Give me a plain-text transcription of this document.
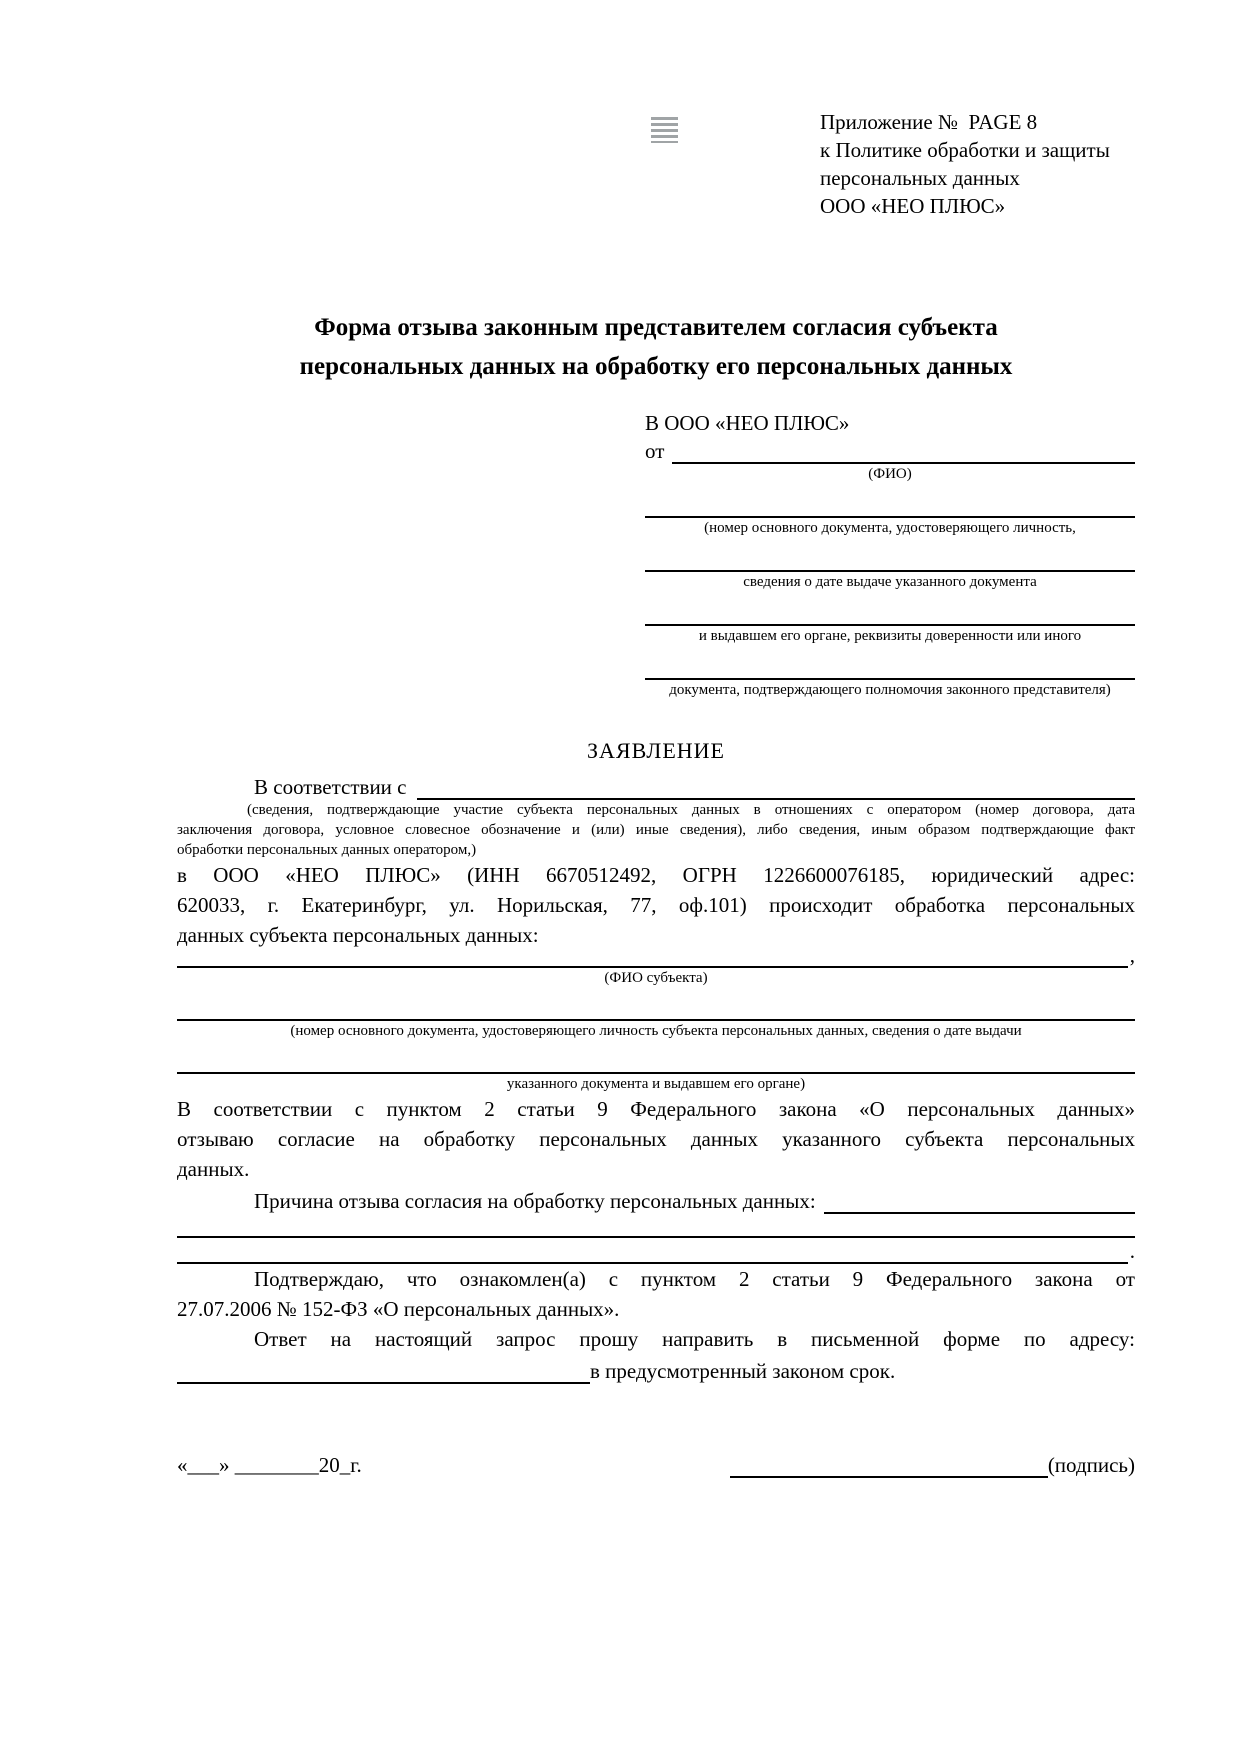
Приложение №  PAGE 8
к Политике обработки и защиты
персональных данных
ООО «НЕО ПЛЮС»
Форма отзыва законным представителем согласия субъекта
персональных данных на обработку его персональных данных
В ООО «НЕО ПЛЮС»
от
(ФИО)
(номер основного документа, удостоверяющего личность,
сведения о дате выдаче указанного документа
и выдавшем его органе, реквизиты доверенности или иного
документа, подтверждающего полномочия законного представителя)
ЗАЯВЛЕНИЕ
В соответствии с
(сведения, подтверждающие участие субъекта персональных данных в отношениях с оператором (номер договора, дата
заключения договора, условное словесное обозначение и (или) иные сведения), либо сведения, иным образом подтверждающие факт
обработки персональных данных оператором,)
в ООО «НЕО ПЛЮС» (ИНН 6670512492, ОГРН 1226600076185, юридический адрес:
620033, г. Екатеринбург, ул. Норильская, 77, оф.101) происходит обработка персональных
данных субъекта персональных данных:
,
(ФИО субъекта)
(номер основного документа, удостоверяющего личность субъекта персональных данных, сведения о дате выдачи
указанного документа и выдавшем его органе)
В соответствии с пунктом 2 статьи 9 Федерального закона «О персональных данных»
отзываю согласие на обработку персональных данных указанного субъекта персональных
данных.
Причина отзыва согласия на обработку персональных данных:
.
Подтверждаю, что ознакомлен(а) с пунктом 2 статьи 9 Федерального закона от
27.07.2006 № 152-ФЗ «О персональных данных».
Ответ на настоящий запрос прошу направить в письменной форме по адресу:
в предусмотренный законом срок.
«___» ________20_г.	(подпись)
